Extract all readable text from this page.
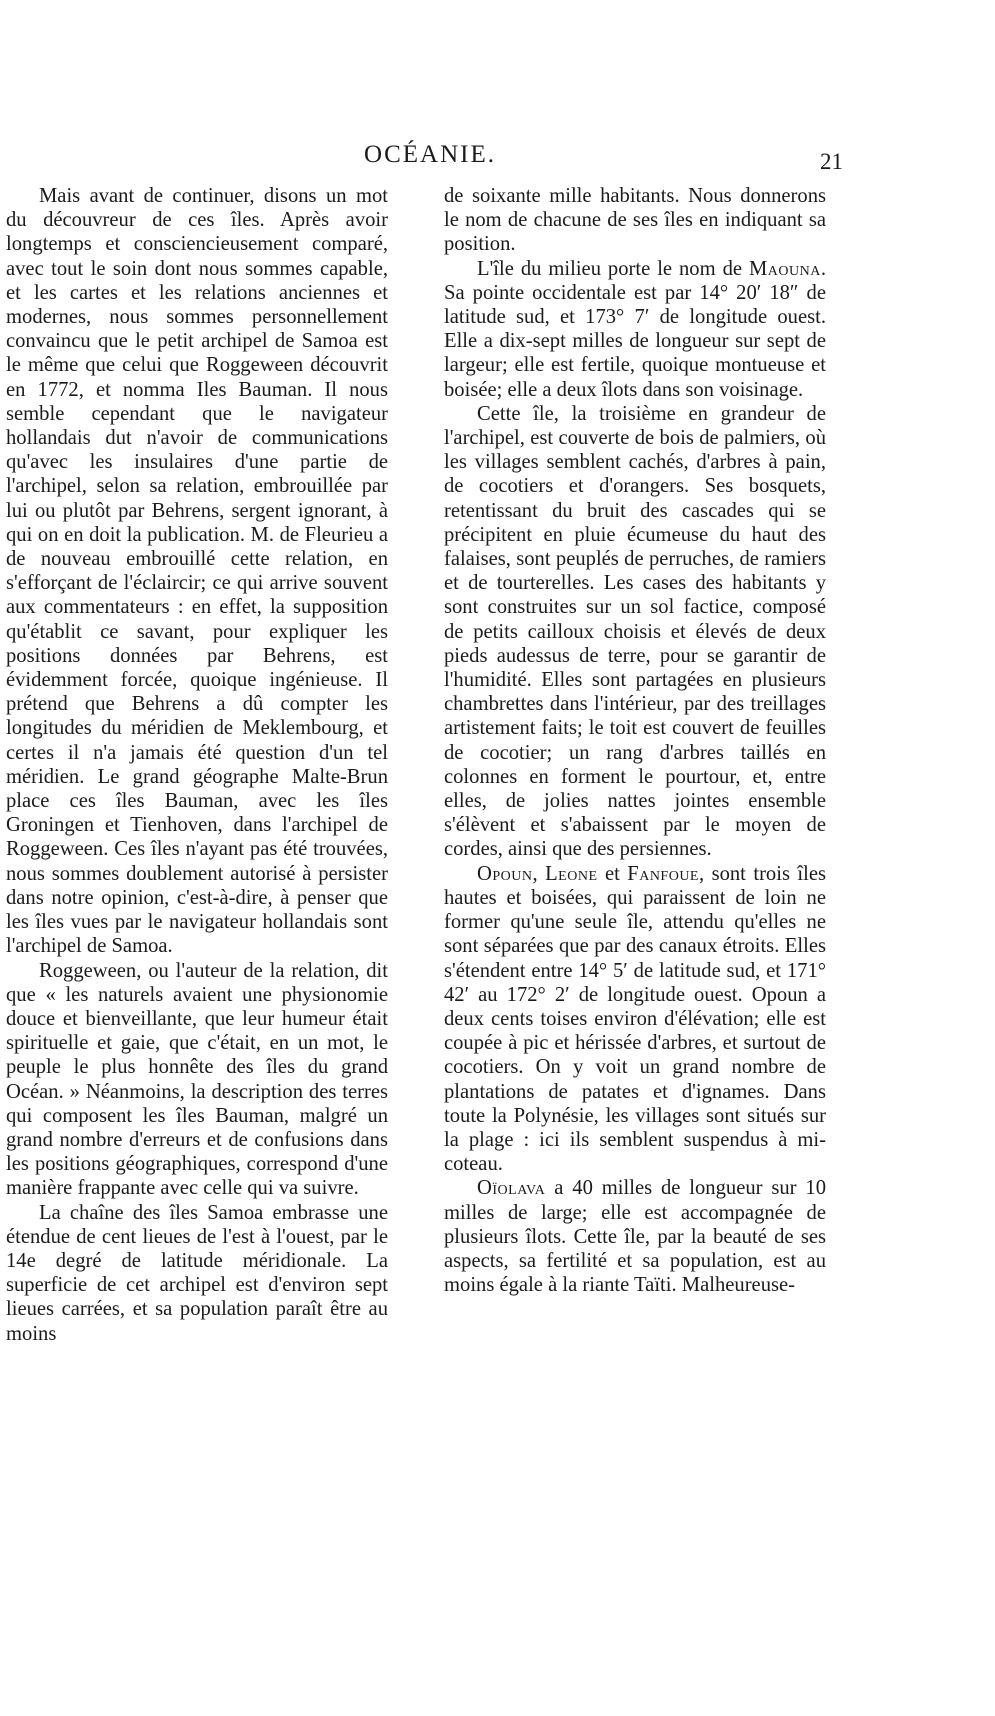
OCÉANIE.	21

Mais avant de continuer, disons un mot du découvreur de ces îles. Après avoir longtemps et consciencieusement comparé, avec tout le soin dont nous sommes capable, et les cartes et les relations anciennes et modernes, nous sommes personnellement convaincu que le petit archipel de Samoa est le même que celui que Roggeween découvrit en 1772, et nomma Iles Bauman. Il nous semble cependant que le navigateur hollandais dut n'avoir de communications qu'avec les insulaires d'une partie de l'archipel, selon sa relation, embrouillée par lui ou plutôt par Behrens, sergent ignorant, à qui on en doit la publication. M. de Fleurieu a de nouveau embrouillé cette relation, en s'efforçant de l'éclaircir; ce qui arrive souvent aux commentateurs : en effet, la supposition qu'établit ce savant, pour expliquer les positions données par Behrens, est évidemment forcée, quoique ingénieuse. Il prétend que Behrens a dû compter les longitudes du méridien de Meklembourg, et certes il n'a jamais été question d'un tel méridien. Le grand géographe Malte-Brun place ces îles Bauman, avec les îles Groningen et Tienhoven, dans l'archipel de Roggeween. Ces îles n'ayant pas été trouvées, nous sommes doublement autorisé à persister dans notre opinion, c'est-à-dire, à penser que les îles vues par le navigateur hollandais sont l'archipel de Samoa.

Roggeween, ou l'auteur de la relation, dit que « les naturels avaient une physionomie douce et bienveillante, que leur humeur était spirituelle et gaie, que c'était, en un mot, le peuple le plus honnête des îles du grand Océan. » Néanmoins, la description des terres qui composent les îles Bauman, malgré un grand nombre d'erreurs et de confusions dans les positions géographiques, correspond d'une manière frappante avec celle qui va suivre.

La chaîne des îles Samoa embrasse une étendue de cent lieues de l'est à l'ouest, par le 14e degré de latitude méridionale. La superficie de cet archipel est d'environ sept lieues carrées, et sa population paraît être au moins

de soixante mille habitants. Nous donnerons le nom de chacune de ses îles en indiquant sa position.

L'île du milieu porte le nom de Maouna. Sa pointe occidentale est par 14° 20′ 18″ de latitude sud, et 173° 7′ de longitude ouest. Elle a dix-sept milles de longueur sur sept de largeur; elle est fertile, quoique montueuse et boisée; elle a deux îlots dans son voisinage.

Cette île, la troisième en grandeur de l'archipel, est couverte de bois de palmiers, où les villages semblent cachés, d'arbres à pain, de cocotiers et d'orangers. Ses bosquets, retentissant du bruit des cascades qui se précipitent en pluie écumeuse du haut des falaises, sont peuplés de perruches, de ramiers et de tourterelles. Les cases des habitants y sont construites sur un sol factice, composé de petits cailloux choisis et élevés de deux pieds audessus de terre, pour se garantir de l'humidité. Elles sont partagées en plusieurs chambrettes dans l'intérieur, par des treillages artistement faits; le toit est couvert de feuilles de cocotier; un rang d'arbres taillés en colonnes en forment le pourtour, et, entre elles, de jolies nattes jointes ensemble s'élèvent et s'abaissent par le moyen de cordes, ainsi que des persiennes.

Opoun, Leone et Fanfoue, sont trois îles hautes et boisées, qui paraissent de loin ne former qu'une seule île, attendu qu'elles ne sont séparées que par des canaux étroits. Elles s'étendent entre 14° 5′ de latitude sud, et 171° 42′ au 172° 2′ de longitude ouest. Opoun a deux cents toises environ d'élévation; elle est coupée à pic et hérissée d'arbres, et surtout de cocotiers. On y voit un grand nombre de plantations de patates et d'ignames. Dans toute la Polynésie, les villages sont situés sur la plage : ici ils semblent suspendus à mi-coteau.

Oïolava a 40 milles de longueur sur 10 milles de large; elle est accompagnée de plusieurs îlots. Cette île, par la beauté de ses aspects, sa fertilité et sa population, est au moins égale à la riante Taïti. Malheureuse-
